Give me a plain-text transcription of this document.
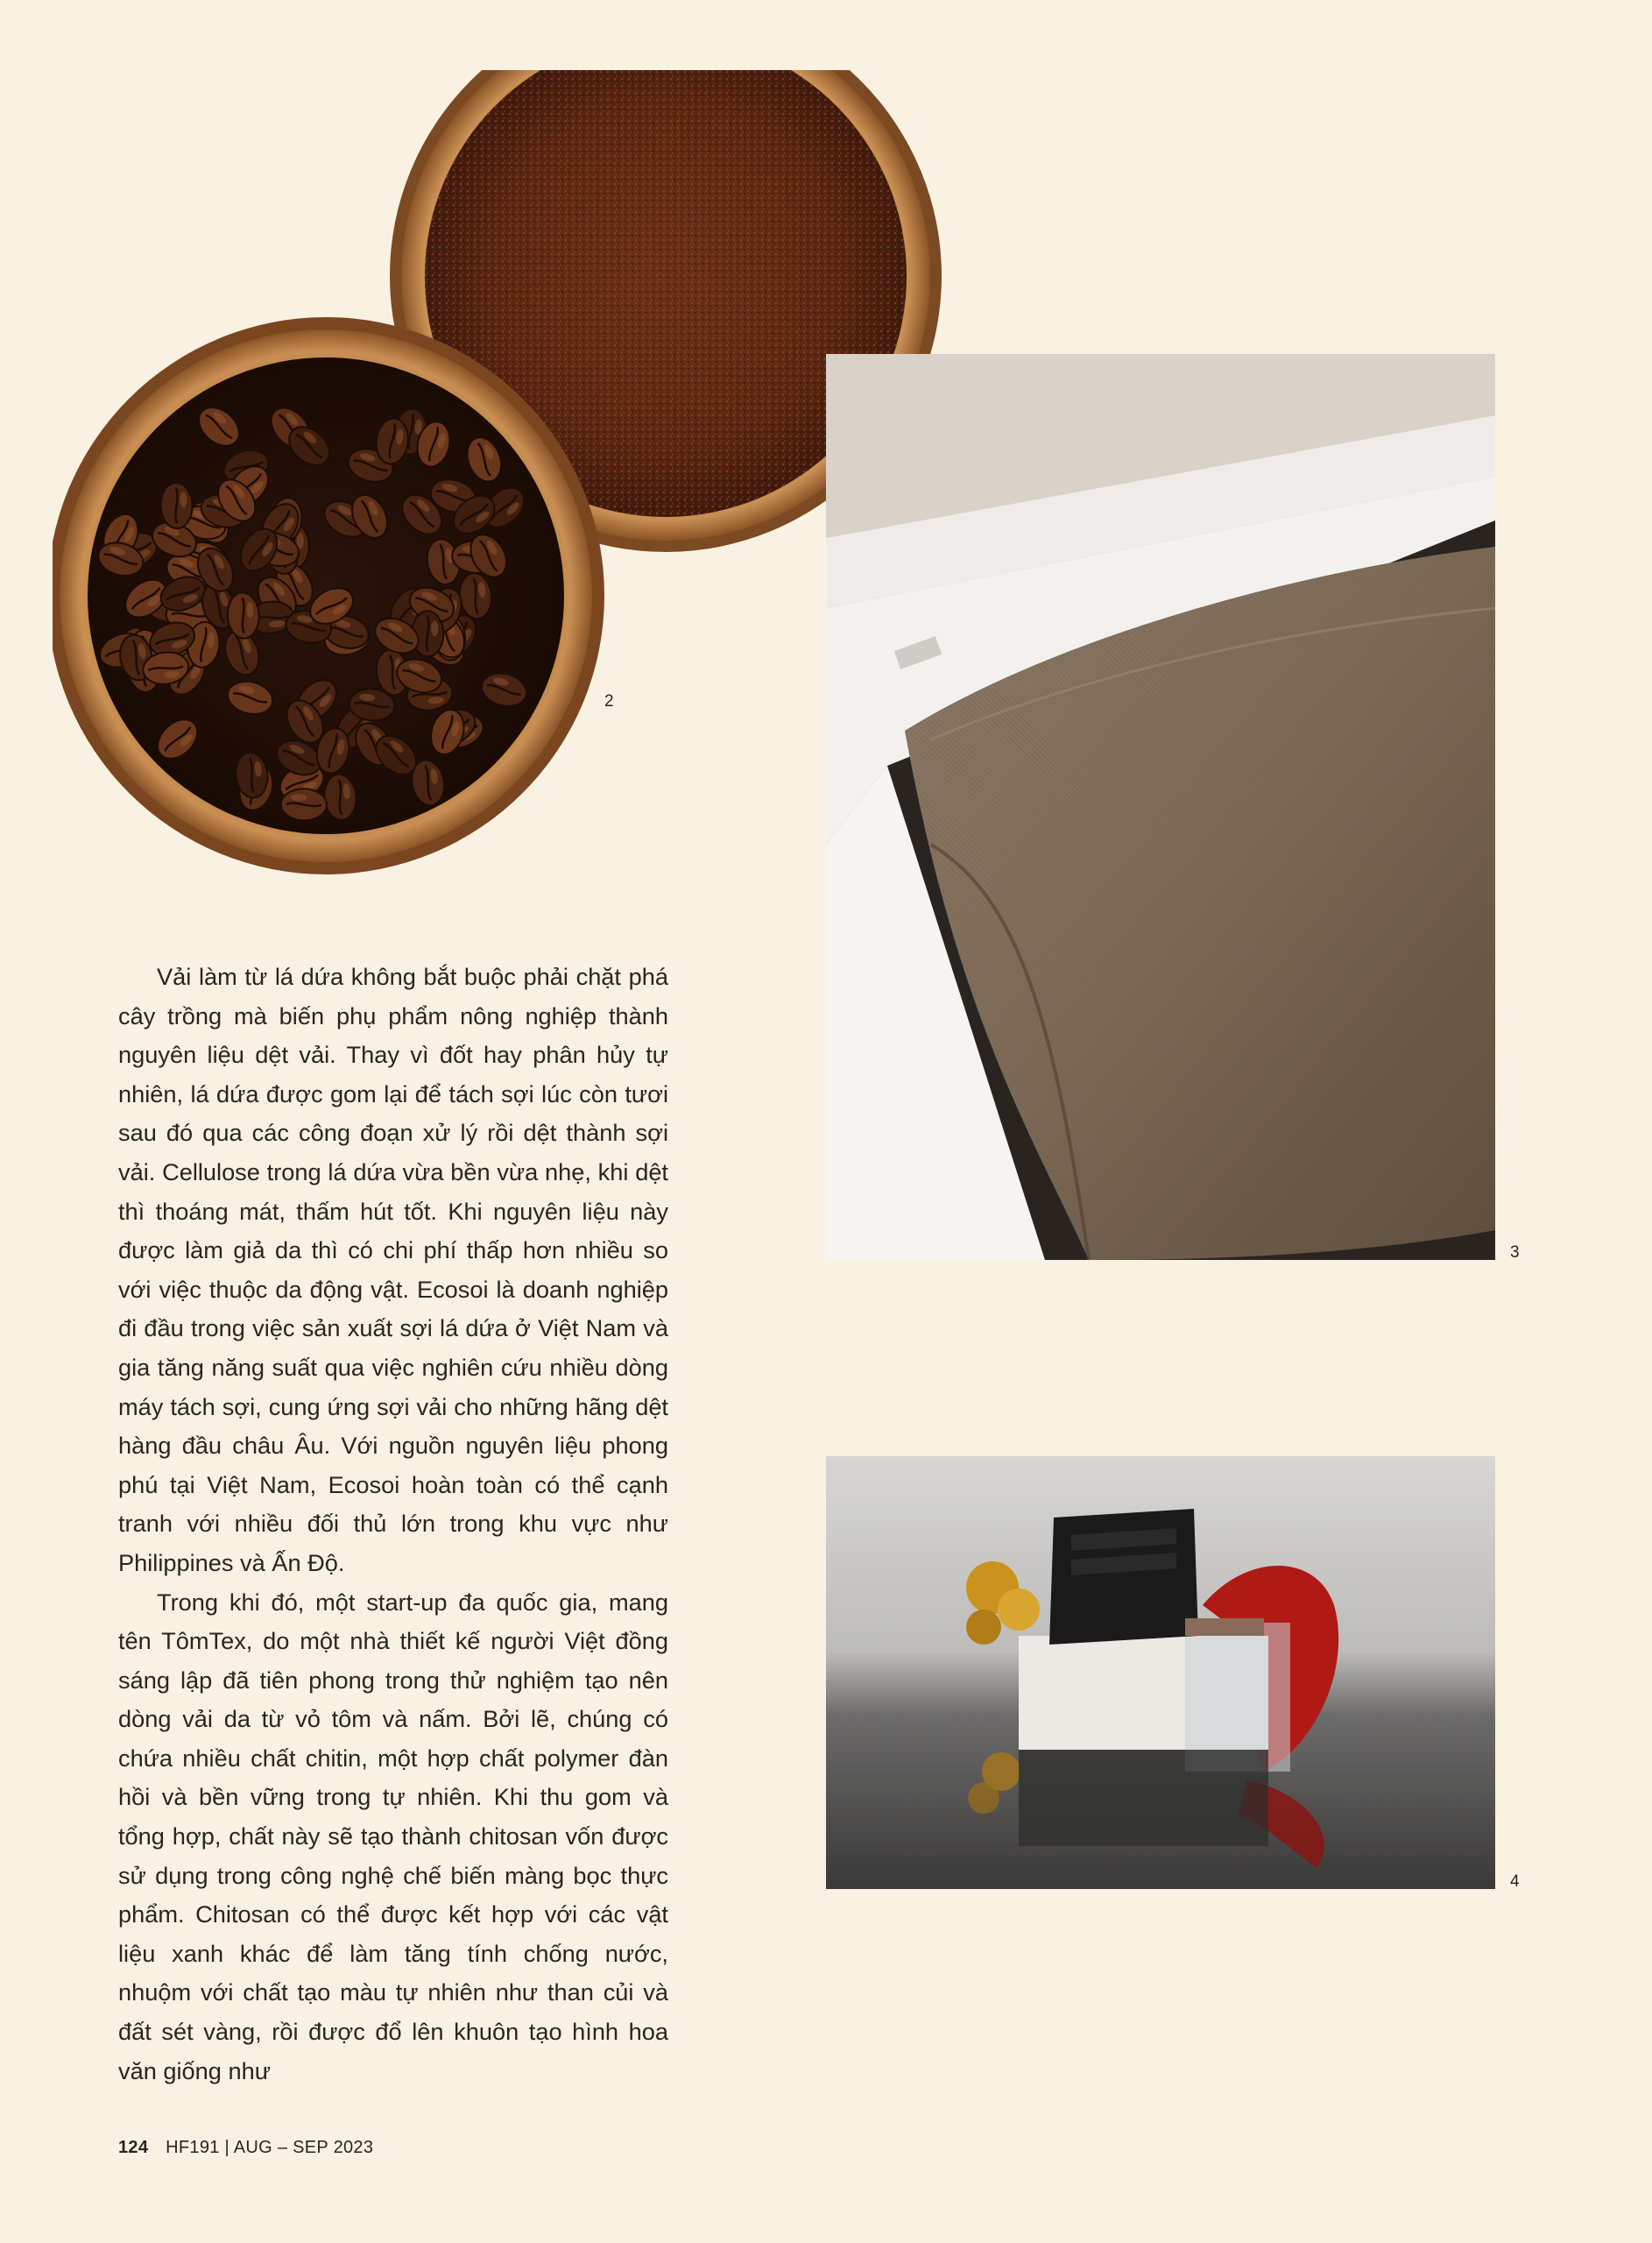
2
3
4

Vải làm từ lá dứa không bắt buộc phải chặt phá cây trồng mà biến phụ phẩm nông nghiệp thành nguyên liệu dệt vải. Thay vì đốt hay phân hủy tự nhiên, lá dứa được gom lại để tách sợi lúc còn tươi sau đó qua các công đoạn xử lý rồi dệt thành sợi vải. Cellulose trong lá dứa vừa bền vừa nhẹ, khi dệt thì thoáng mát, thấm hút tốt. Khi nguyên liệu này được làm giả da thì có chi phí thấp hơn nhiều so với việc thuộc da động vật. Ecosoi là doanh nghiệp đi đầu trong việc sản xuất sợi lá dứa ở Việt Nam và gia tăng năng suất qua việc nghiên cứu nhiều dòng máy tách sợi, cung ứng sợi vải cho những hãng dệt hàng đầu châu Âu. Với nguồn nguyên liệu phong phú tại Việt Nam, Ecosoi hoàn toàn có thể cạnh tranh với nhiều đối thủ lớn trong khu vực như Philippines và Ấn Độ.

Trong khi đó, một start-up đa quốc gia, mang tên TômTex, do một nhà thiết kế người Việt đồng sáng lập đã tiên phong trong thử nghiệm tạo nên dòng vải da từ vỏ tôm và nấm. Bởi lẽ, chúng có chứa nhiều chất chitin, một hợp chất polymer đàn hồi và bền vững trong tự nhiên. Khi thu gom và tổng hợp, chất này sẽ tạo thành chitosan vốn được sử dụng trong công nghệ chế biến màng bọc thực phẩm. Chitosan có thể được kết hợp với các vật liệu xanh khác để làm tăng tính chống nước, nhuộm với chất tạo màu tự nhiên như than củi và đất sét vàng, rồi được đổ lên khuôn tạo hình hoa văn giống như

124 HF191 | AUG – SEP 2023
